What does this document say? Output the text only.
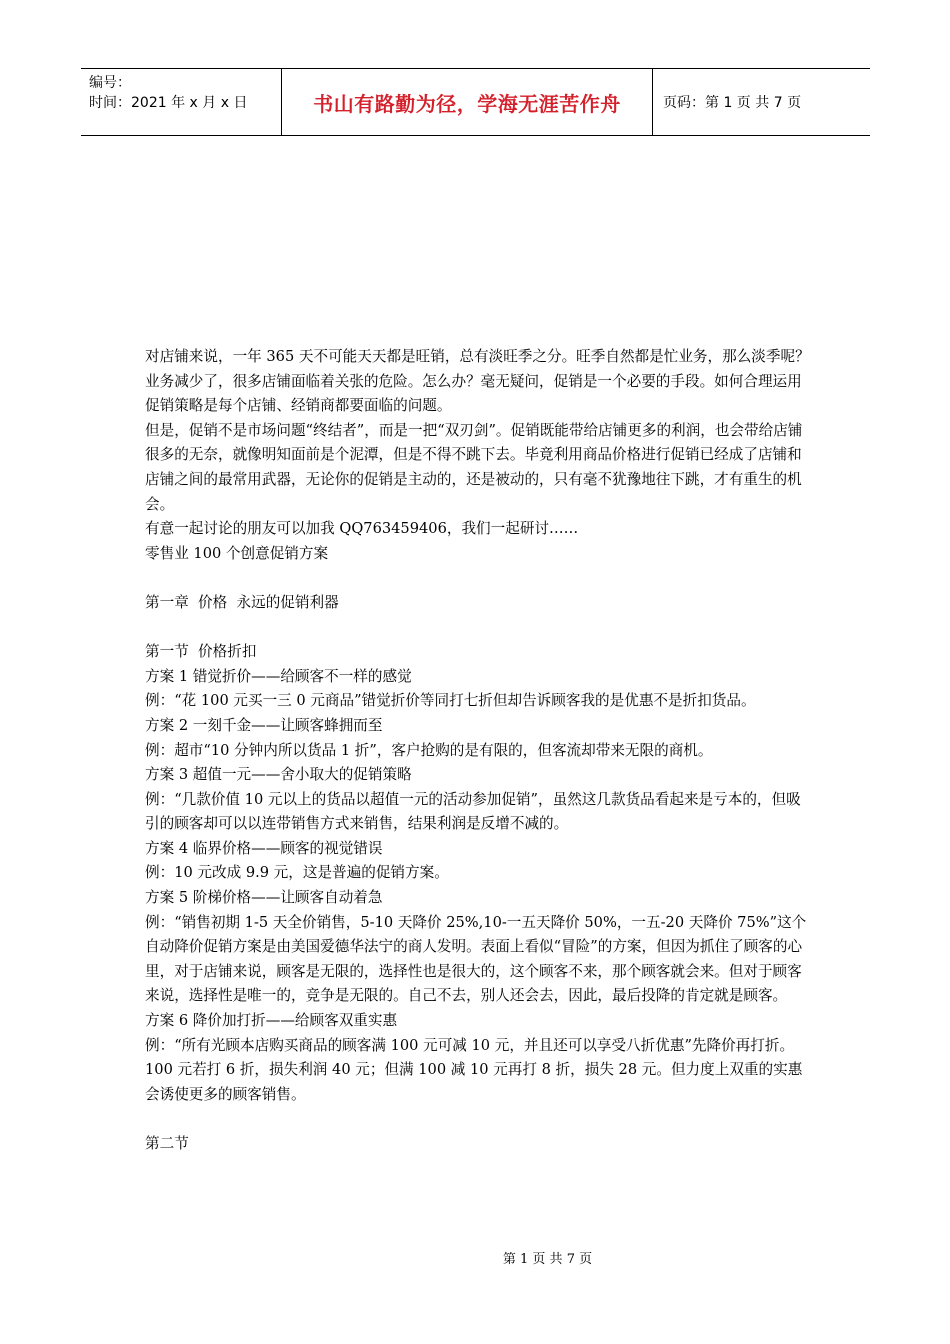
编号：
时间：2021 年 x 月 x 日	书山有路勤为径，学海无涯苦作舟	页码：第 1 页 共 7 页

对店铺来说，一年 365 天不可能天天都是旺销，总有淡旺季之分。旺季自然都是忙业务，那么淡季呢？业务减少了，很多店铺面临着关张的危险。怎么办？毫无疑问，促销是一个必要的手段。如何合理运用促销策略是每个店铺、经销商都要面临的问题。

但是，促销不是市场问题“终结者”，而是一把“双刃剑”。促销既能带给店铺更多的利润，也会带给店铺很多的无奈，就像明知面前是个泥潭，但是不得不跳下去。毕竟利用商品价格进行促销已经成了店铺和店铺之间的最常用武器，无论你的促销是主动的，还是被动的，只有毫不犹豫地往下跳，才有重生的机会。

有意一起讨论的朋友可以加我 QQ763459406，我们一起研讨……

零售业 100 个创意促销方案

第一章  价格  永远的促销利器

第一节  价格折扣

方案 1 错觉折价——给顾客不一样的感觉

例：“花 100 元买一三 0 元商品”错觉折价等同打七折但却告诉顾客我的是优惠不是折扣货品。

方案 2 一刻千金——让顾客蜂拥而至

例：超市“10 分钟内所以货品 1 折”，客户抢购的是有限的，但客流却带来无限的商机。

方案 3 超值一元——舍小取大的促销策略

例：“几款价值 10 元以上的货品以超值一元的活动参加促销”，虽然这几款货品看起来是亏本的，但吸引的顾客却可以以连带销售方式来销售，结果利润是反增不减的。

方案 4 临界价格——顾客的视觉错误

例：10 元改成 9.9 元，这是普遍的促销方案。

方案 5 阶梯价格——让顾客自动着急

例：“销售初期 1-5 天全价销售，5-10 天降价 25%,10-一五天降价 50%，一五-20 天降价 75%”这个自动降价促销方案是由美国爱德华法宁的商人发明。表面上看似“冒险”的方案，但因为抓住了顾客的心里，对于店铺来说，顾客是无限的，选择性也是很大的，这个顾客不来，那个顾客就会来。但对于顾客来说，选择性是唯一的，竞争是无限的。自己不去，别人还会去，因此，最后投降的肯定就是顾客。

方案 6 降价加打折——给顾客双重实惠

例：“所有光顾本店购买商品的顾客满 100 元可减 10 元，并且还可以享受八折优惠”先降价再打折。100 元若打 6 折，损失利润 40 元；但满 100 减 10 元再打 8 折，损失 28 元。但力度上双重的实惠会诱使更多的顾客销售。

第二节

第 1 页 共 7 页
